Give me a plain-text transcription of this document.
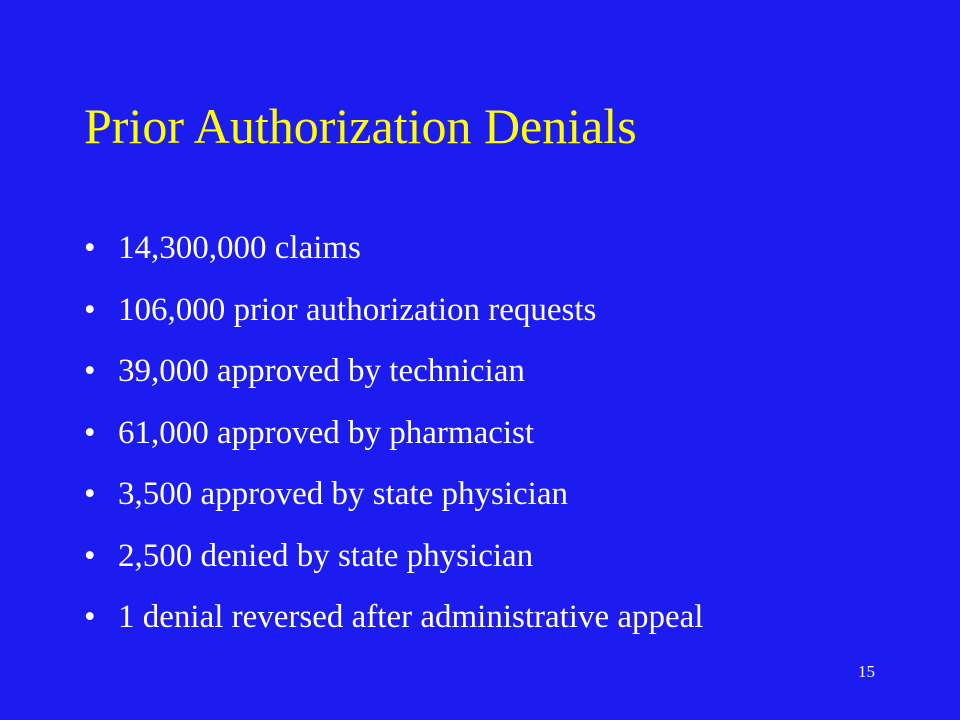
Prior Authorization Denials
• 14,300,000 claims
• 106,000 prior authorization requests
• 39,000 approved by technician
• 61,000 approved by pharmacist
• 3,500 approved by state physician
• 2,500 denied by state physician
• 1 denial reversed after administrative appeal
15
